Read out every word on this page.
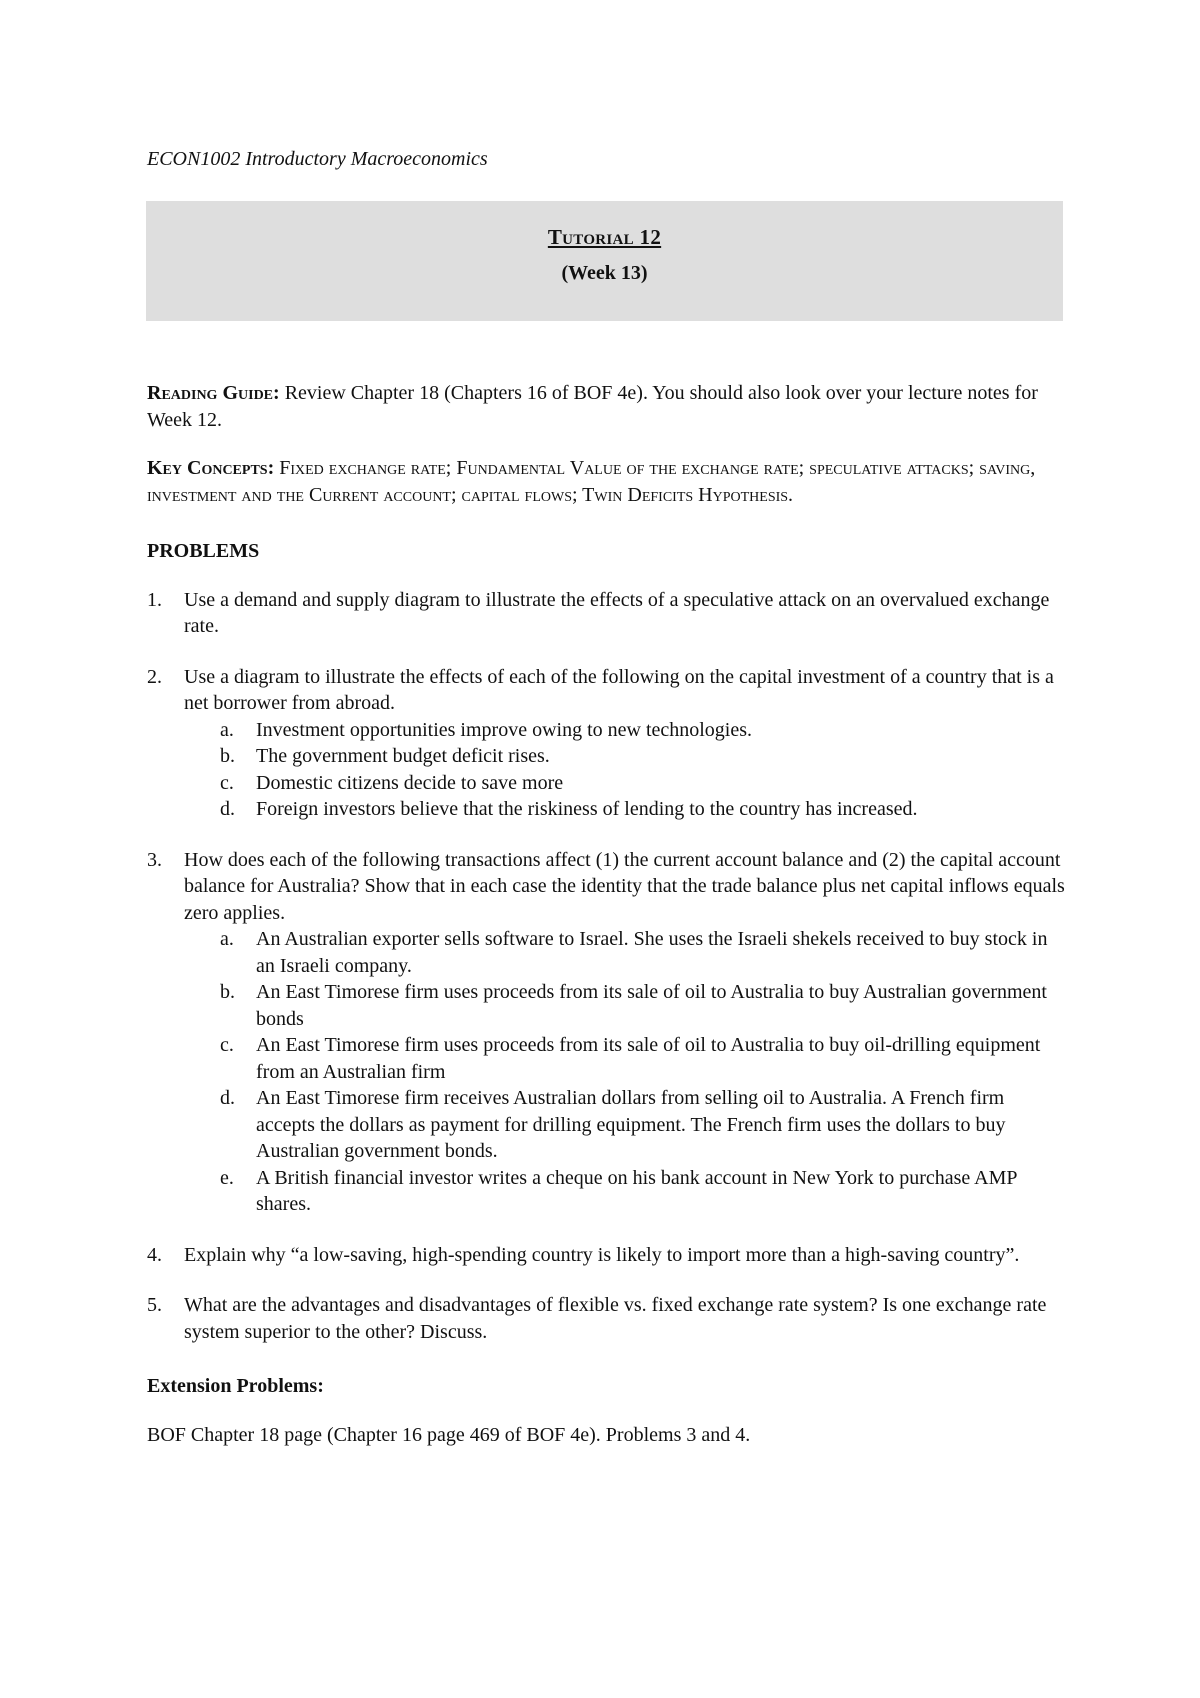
ECON1002 Introductory Macroeconomics
Tutorial 12
(Week 13)

Reading Guide: Review Chapter 18 (Chapters 16 of BOF 4e). You should also look over your lecture notes for Week 12.

Key Concepts: Fixed exchange rate; Fundamental Value of the exchange rate; speculative attacks; saving, investment and the Current account; capital flows; Twin Deficits Hypothesis.

PROBLEMS
1. Use a demand and supply diagram to illustrate the effects of a speculative attack on an overvalued exchange rate.
2. Use a diagram to illustrate the effects of each of the following on the capital investment of a country that is a net borrower from abroad.
a. Investment opportunities improve owing to new technologies.
b. The government budget deficit rises.
c. Domestic citizens decide to save more
d. Foreign investors believe that the riskiness of lending to the country has increased.
3. How does each of the following transactions affect (1) the current account balance and (2) the capital account balance for Australia? Show that in each case the identity that the trade balance plus net capital inflows equals zero applies.
a. An Australian exporter sells software to Israel. She uses the Israeli shekels received to buy stock in an Israeli company.
b. An East Timorese firm uses proceeds from its sale of oil to Australia to buy Australian government bonds
c. An East Timorese firm uses proceeds from its sale of oil to Australia to buy oil-drilling equipment from an Australian firm
d. An East Timorese firm receives Australian dollars from selling oil to Australia. A French firm accepts the dollars as payment for drilling equipment. The French firm uses the dollars to buy Australian government bonds.
e. A British financial investor writes a cheque on his bank account in New York to purchase AMP shares.
4. Explain why “a low-saving, high-spending country is likely to import more than a high-saving country”.
5. What are the advantages and disadvantages of flexible vs. fixed exchange rate system? Is one exchange rate system superior to the other? Discuss.
Extension Problems:

BOF Chapter 18 page (Chapter 16 page 469 of BOF 4e). Problems 3 and 4.
